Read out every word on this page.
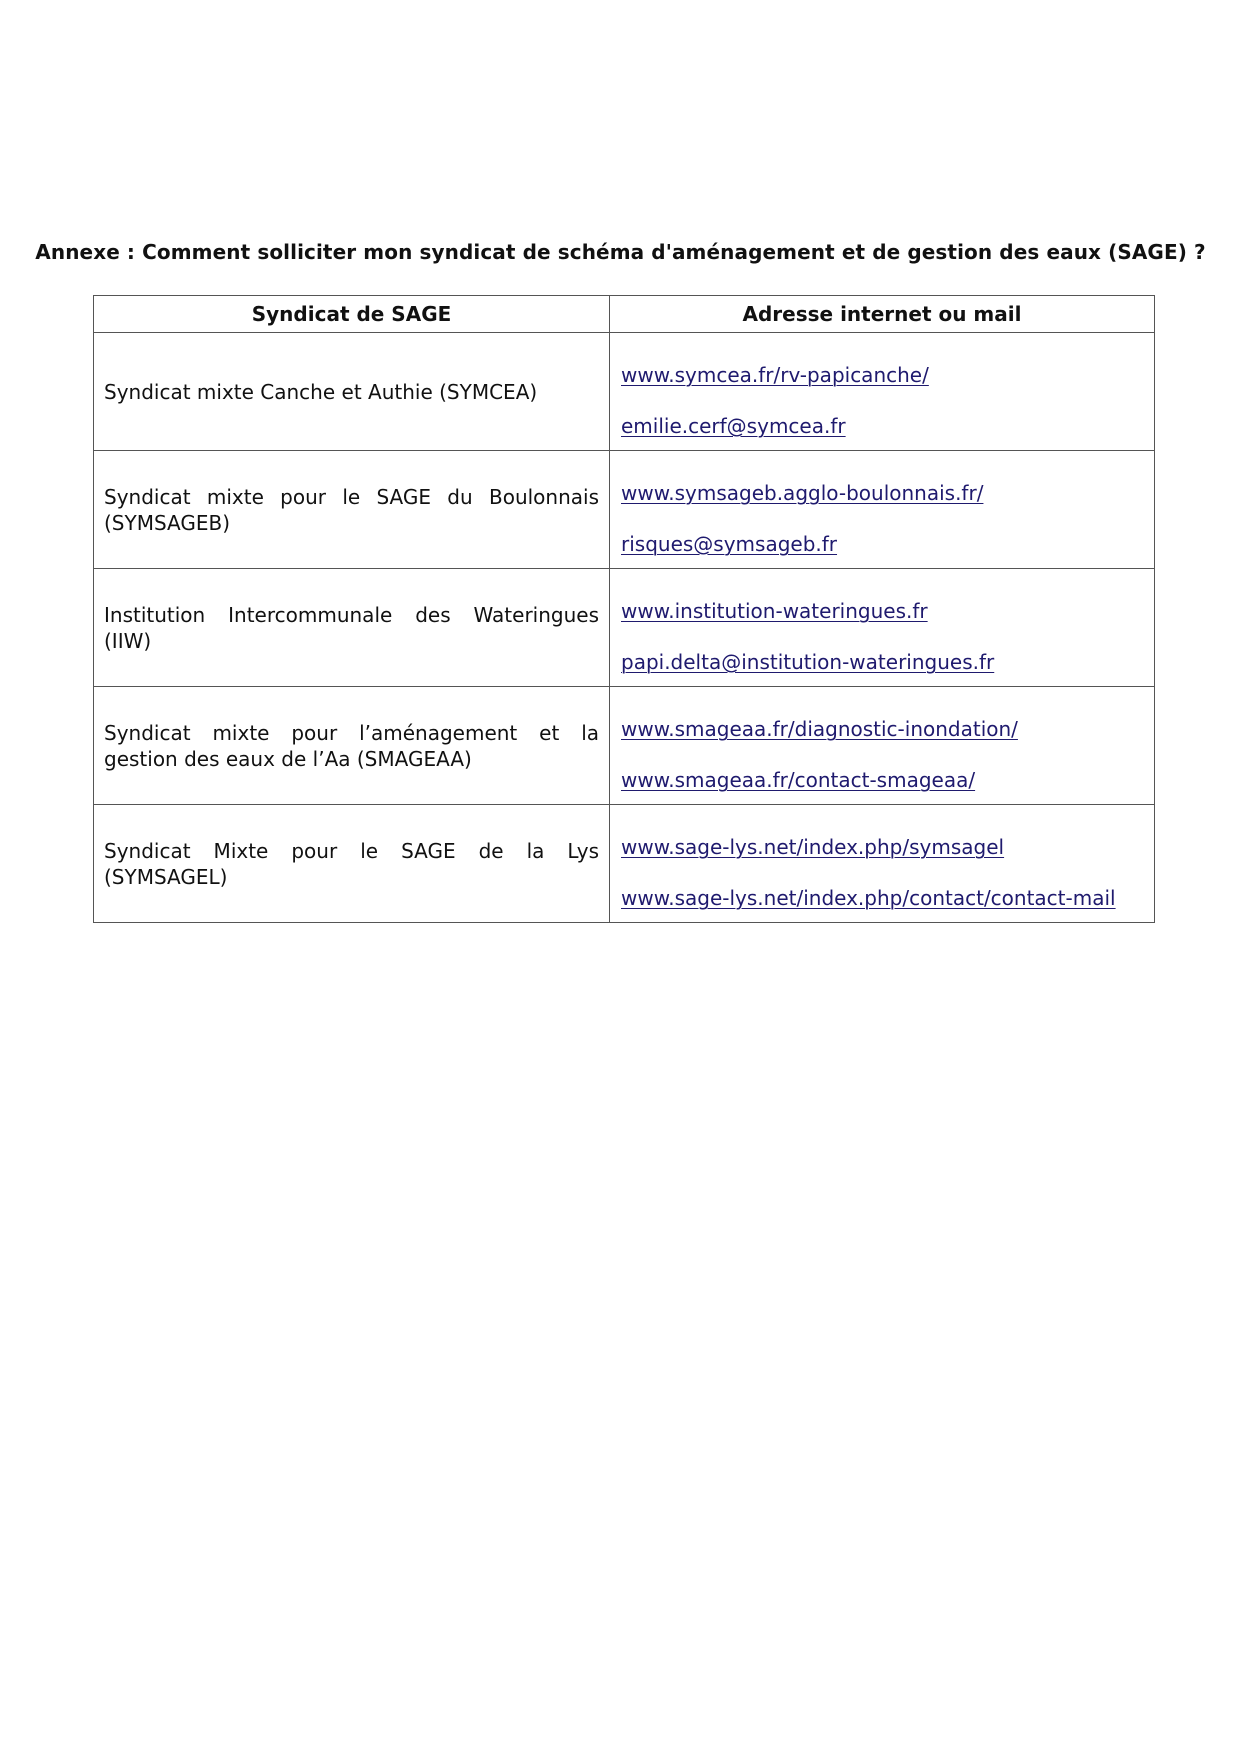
Annexe : Comment solliciter mon syndicat de schéma d'aménagement et de gestion des eaux (SAGE) ?
Syndicat de SAGE	Adresse internet ou mail
Syndicat mixte Canche et Authie (SYMCEA)	www.symcea.fr/rv-papicanche/
emilie.cerf@symcea.fr

Syndicat mixte pour le SAGE du Boulonnais (SYMSAGEB)	www.symsageb.agglo-boulonnais.fr/
risques@symsageb.fr

Institution Intercommunale des Wateringues (IIW)	www.institution-wateringues.fr
papi.delta@institution-wateringues.fr

Syndicat mixte pour l’aménagement et la gestion des eaux de l’Aa (SMAGEAA)	www.smageaa.fr/diagnostic-inondation/
www.smageaa.fr/contact-smageaa/

Syndicat Mixte pour le SAGE de la Lys (SYMSAGEL)	www.sage-lys.net/index.php/symsagel
www.sage-lys.net/index.php/contact/contact-mail
